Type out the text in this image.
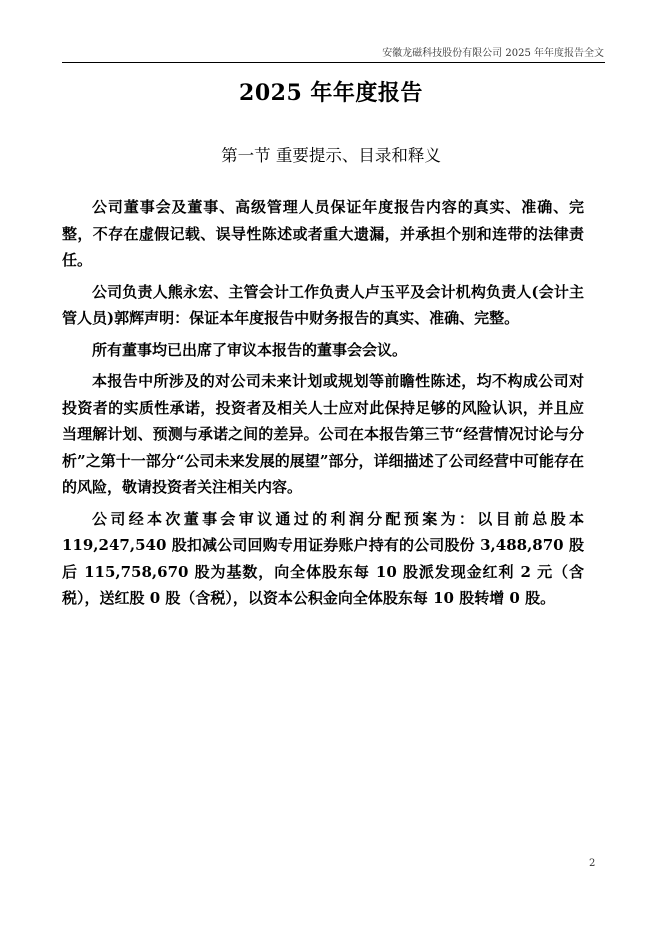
安徽龙磁科技股份有限公司 2025 年年度报告全文
2025 年年度报告
第一节 重要提示、目录和释义

公司董事会及董事、高级管理人员保证年度报告内容的真实、准确、完整，不存在虚假记载、误导性陈述或者重大遗漏，并承担个别和连带的法律责任。

公司负责人熊永宏、主管会计工作负责人卢玉平及会计机构负责人(会计主管人员)郭辉声明：保证本年度报告中财务报告的真实、准确、完整。

所有董事均已出席了审议本报告的董事会会议。

本报告中所涉及的对公司未来计划或规划等前瞻性陈述，均不构成公司对投资者的实质性承诺，投资者及相关人士应对此保持足够的风险认识，并且应当理解计划、预测与承诺之间的差异。公司在本报告第三节“经营情况讨论与分析”之第十一部分“公司未来发展的展望”部分，详细描述了公司经营中可能存在的风险，敬请投资者关注相关内容。

公司经本次董事会审议通过的利润分配预案为：以目前总股本 119,247,540 股扣减公司回购专用证券账户持有的公司股份 3,488,870 股后 115,758,670 股为基数，向全体股东每 10 股派发现金红利 2 元（含税），送红股 0 股（含税），以资本公积金向全体股东每 10 股转增 0 股。

2
